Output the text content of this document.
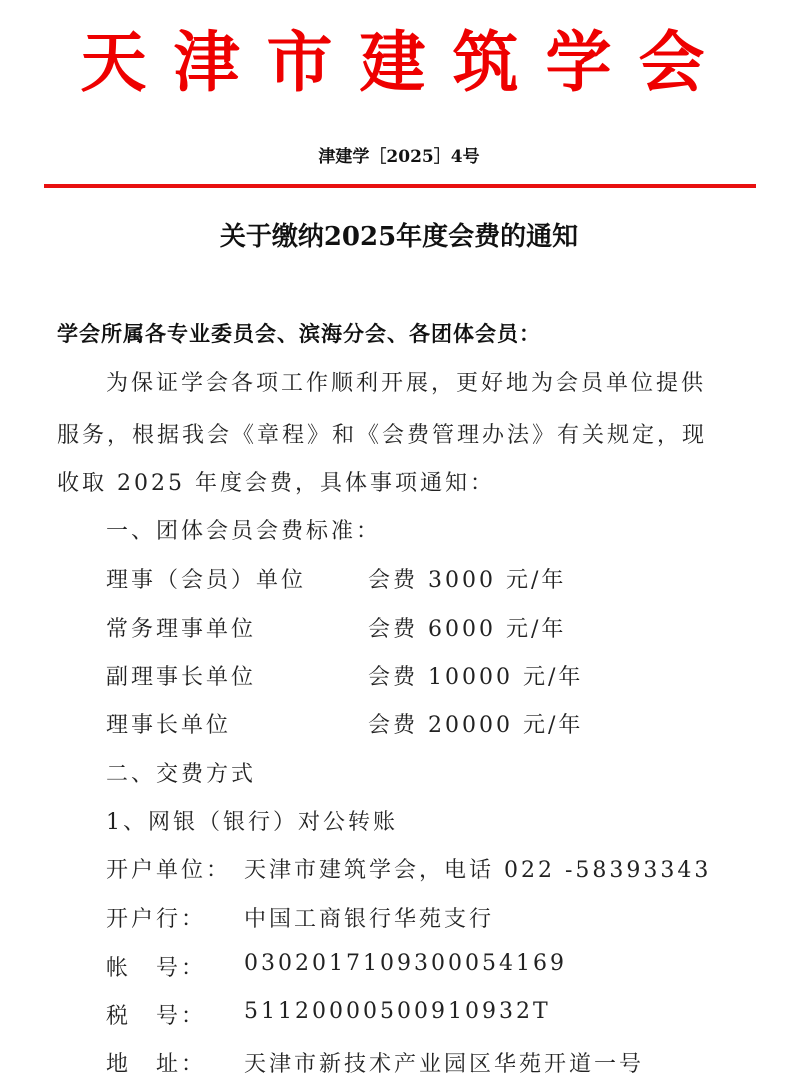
天津市建筑学会
津建学［2025］4号
关于缴纳2025年度会费的通知
学会所属各专业委员会、滨海分会、各团体会员：
为保证学会各项工作顺利开展，更好地为会员单位提供
服务，根据我会《章程》和《会费管理办法》有关规定，现
收取 2025 年度会费，具体事项通知：
一、团体会员会费标准：
理事（会员）单位	会费 3000 元/年
常务理事单位	会费 6000 元/年
副理事长单位	会费 10000 元/年
理事长单位	会费 20000 元/年
二、交费方式
1、网银（银行）对公转账
开户单位： 天津市建筑学会，电话 022 -58393343
开户行： 中国工商银行华苑支行
帐　号： 0302017109300054169
税　号： 51120000500910932T
地　址： 天津市新技术产业园区华苑开道一号
